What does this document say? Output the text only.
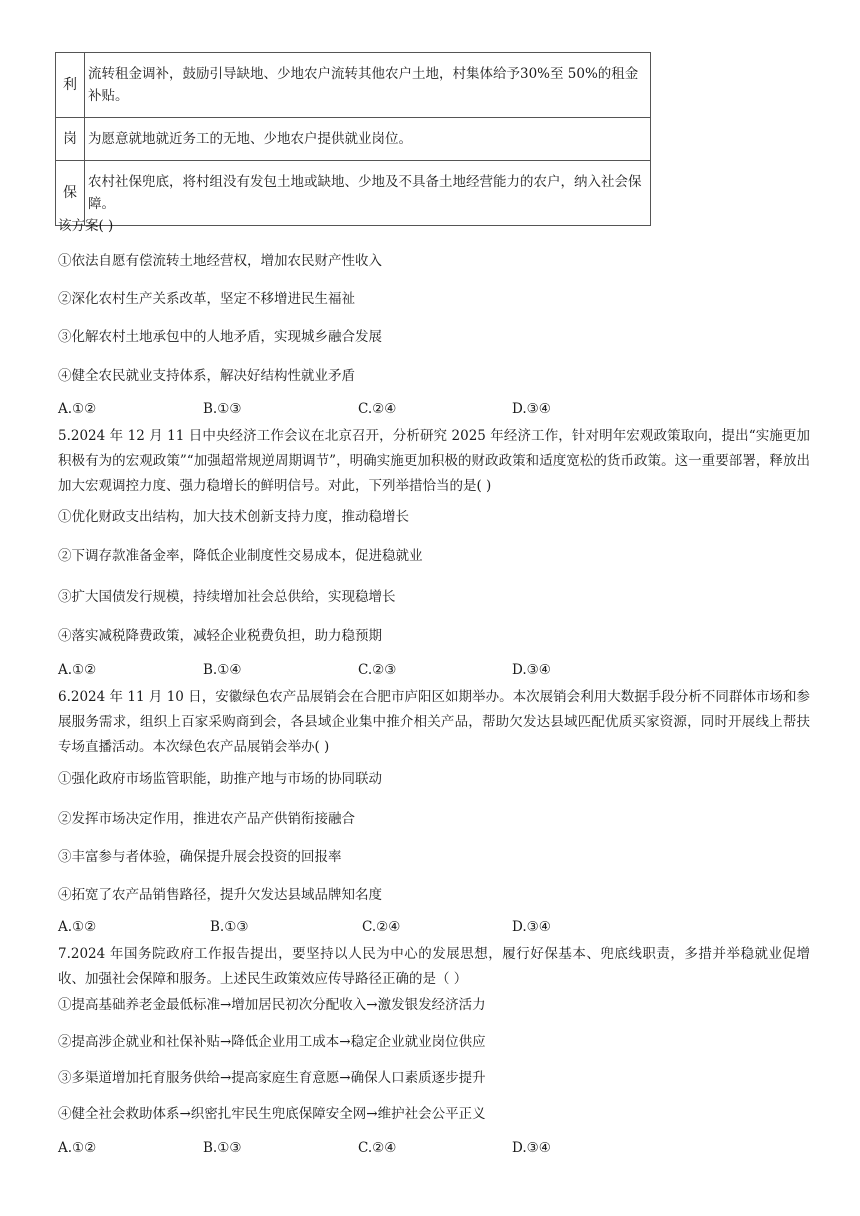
利	流转租金调补，鼓励引导缺地、少地农户流转其他农户土地，村集体给予30%至 50%的租金补贴。
岗	为愿意就地就近务工的无地、少地农户提供就业岗位。
保	农村社保兜底，将村组没有发包土地或缺地、少地及不具备土地经营能力的农户，纳入社会保障。
该方案( )
①依法自愿有偿流转土地经营权，增加农民财产性收入
②深化农村生产关系改革，坚定不移增进民生福祉
③化解农村土地承包中的人地矛盾，实现城乡融合发展
④健全农民就业支持体系，解决好结构性就业矛盾
A.①②	B.①③	C.②④	D.③④
5.2024 年 12 月 11 日中央经济工作会议在北京召开，分析研究 2025 年经济工作，针对明年宏观政策取向，提出“实施更加积极有为的宏观政策”“加强超常规逆周期调节”，明确实施更加积极的财政政策和适度宽松的货币政策。这一重要部署，释放出加大宏观调控力度、强力稳增长的鲜明信号。对此，下列举措恰当的是( )
①优化财政支出结构，加大技术创新支持力度，推动稳增长
②下调存款准备金率，降低企业制度性交易成本，促进稳就业
③扩大国债发行规模，持续增加社会总供给，实现稳增长
④落实减税降费政策，减轻企业税费负担，助力稳预期
A.①②	B.①④	C.②③	D.③④
6.2024 年 11 月 10 日，安徽绿色农产品展销会在合肥市庐阳区如期举办。本次展销会利用大数据手段分析不同群体市场和参展服务需求，组织上百家采购商到会，各县域企业集中推介相关产品，帮助欠发达县域匹配优质买家资源，同时开展线上帮扶专场直播活动。本次绿色农产品展销会举办( )
①强化政府市场监管职能，助推产地与市场的协同联动
②发挥市场决定作用，推进农产品产供销衔接融合
③丰富参与者体验，确保提升展会投资的回报率
④拓宽了农产品销售路径，提升欠发达县域品牌知名度
A.①②	B.①③	C.②④	D.③④
7.2024 年国务院政府工作报告提出，要坚持以人民为中心的发展思想，履行好保基本、兜底线职责，多措并举稳就业促增收、加强社会保障和服务。上述民生政策效应传导路径正确的是（ ）
①提高基础养老金最低标准→增加居民初次分配收入→激发银发经济活力
②提高涉企就业和社保补贴→降低企业用工成本→稳定企业就业岗位供应
③多渠道增加托育服务供给→提高家庭生育意愿→确保人口素质逐步提升
④健全社会救助体系→织密扎牢民生兜底保障安全网→维护社会公平正义
A.①②	B.①③	C.②④	D.③④
